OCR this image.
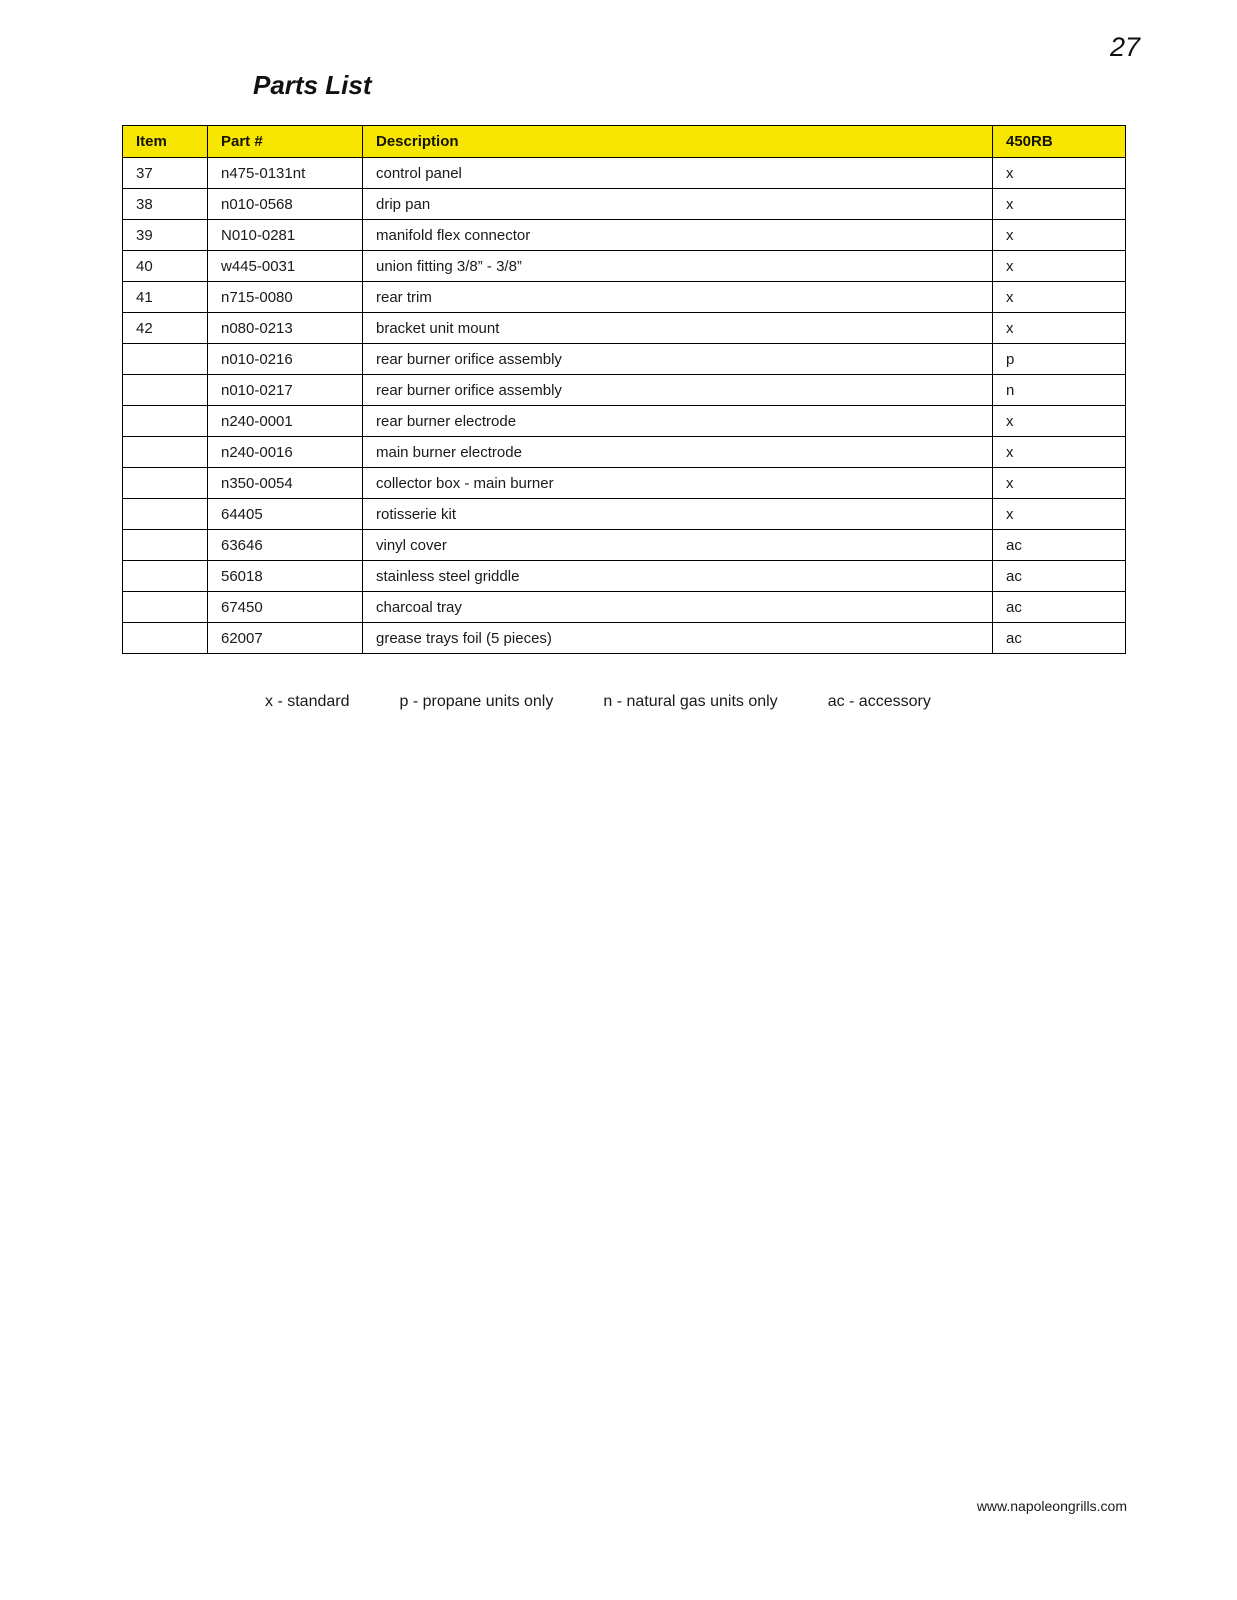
27
Parts List
Item	Part #	Description	450RB
37	n475-0131nt	control panel	x
38	n010-0568	drip pan	x
39	N010-0281	manifold flex connector	x
40	w445-0031	union fitting 3/8” - 3/8”	x
41	n715-0080	rear trim	x
42	n080-0213	bracket unit mount	x
	n010-0216	rear burner orifice assembly	p
	n010-0217	rear burner orifice assembly	n
	n240-0001	rear burner electrode	x
	n240-0016	main burner electrode	x
	n350-0054	collector box - main burner	x
	64405	rotisserie kit	x
	63646	vinyl cover	ac
	56018	stainless steel griddle	ac
	67450	charcoal tray	ac
	62007	grease trays foil (5 pieces)	ac
x - standard	p - propane units only	n - natural gas units only	ac - accessory
www.napoleongrills.com
